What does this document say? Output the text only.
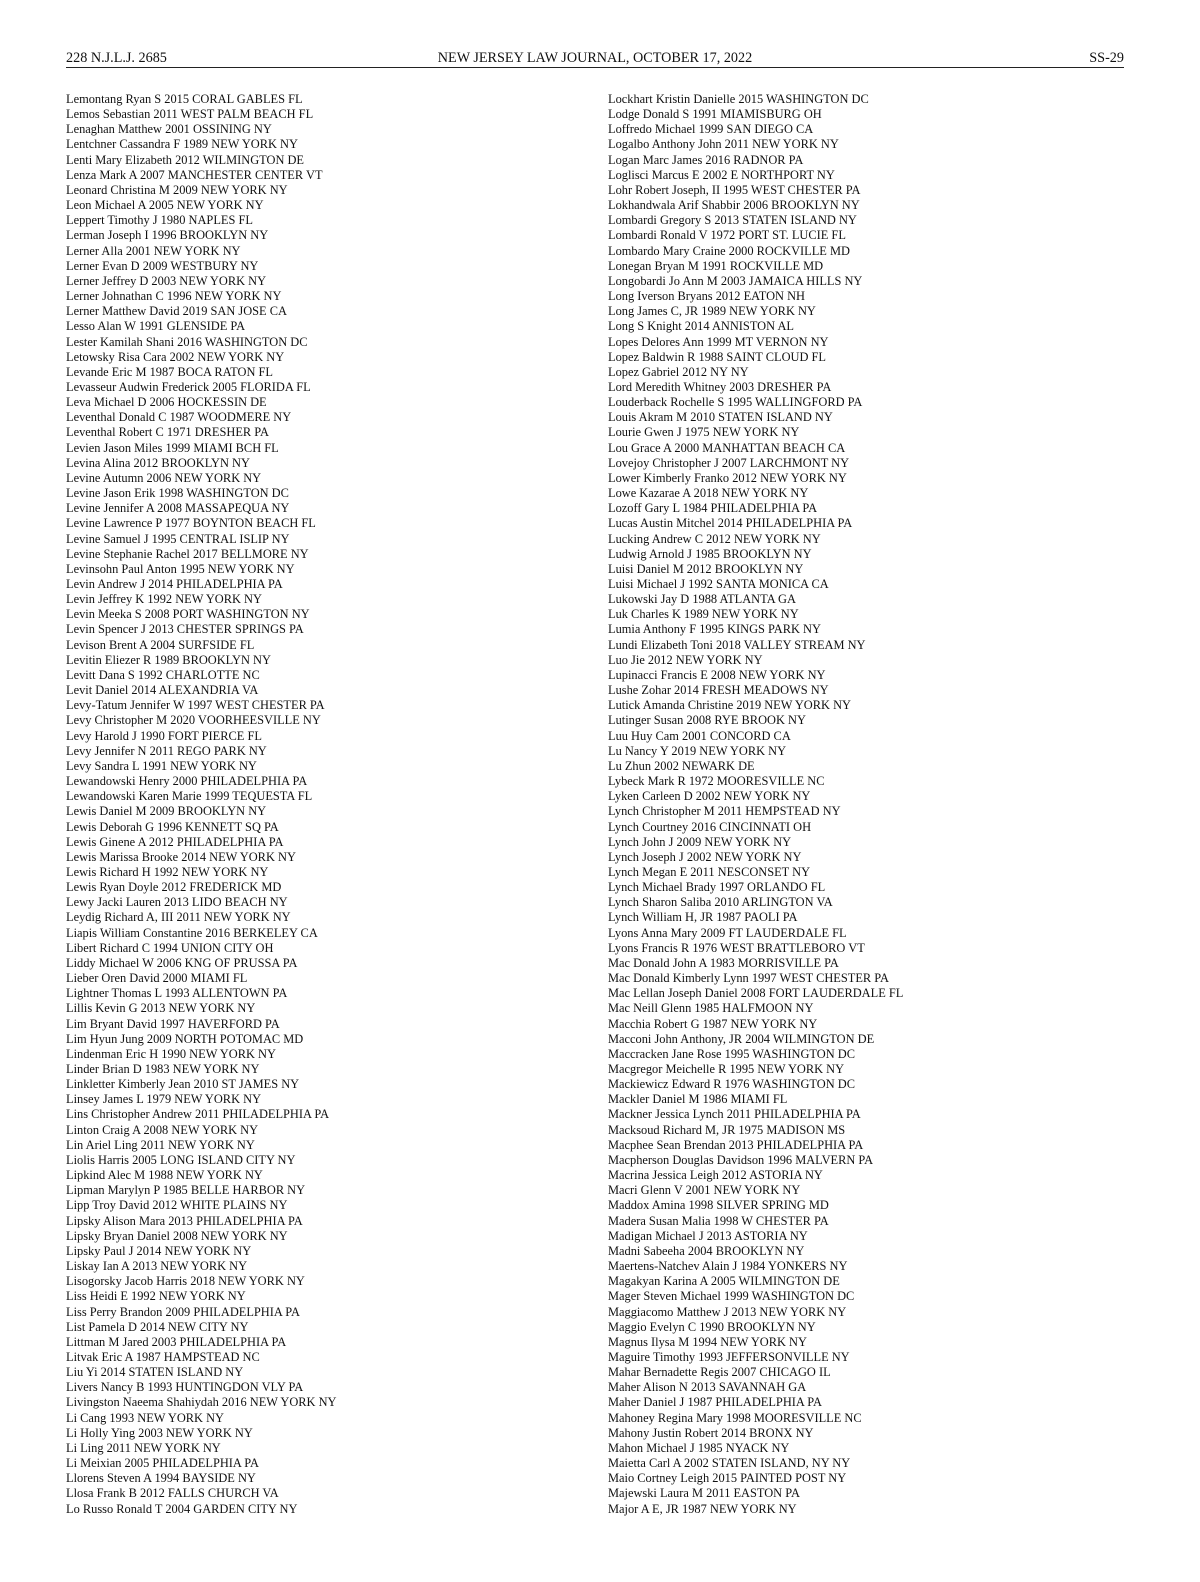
228 N.J.L.J. 2685	NEW JERSEY LAW JOURNAL, OCTOBER 17, 2022	SS-29
Lemontang Ryan S 2015 CORAL GABLES FL
Lemos Sebastian 2011 WEST PALM BEACH FL
Lenaghan Matthew 2001 OSSINING NY
Lentchner Cassandra F 1989 NEW YORK NY
Lenti Mary Elizabeth 2012 WILMINGTON DE
Lenza Mark A 2007 MANCHESTER CENTER VT
Leonard Christina M 2009 NEW YORK NY
Leon Michael A 2005 NEW YORK NY
Leppert Timothy J 1980 NAPLES FL
Lerman Joseph I 1996 BROOKLYN NY
Lerner Alla 2001 NEW YORK NY
Lerner Evan D 2009 WESTBURY NY
Lerner Jeffrey D 2003 NEW YORK NY
Lerner Johnathan C 1996 NEW YORK NY
Lerner Matthew David 2019 SAN JOSE CA
Lesso Alan W 1991 GLENSIDE PA
Lester Kamilah Shani 2016 WASHINGTON DC
Letowsky Risa Cara 2002 NEW YORK NY
Levande Eric M 1987 BOCA RATON FL
Levasseur Audwin Frederick 2005 FLORIDA FL
Leva Michael D 2006 HOCKESSIN DE
Leventhal Donald C 1987 WOODMERE NY
Leventhal Robert C 1971 DRESHER PA
Levien Jason Miles 1999 MIAMI BCH FL
Levina Alina 2012 BROOKLYN NY
Levine Autumn 2006 NEW YORK NY
Levine Jason Erik 1998 WASHINGTON DC
Levine Jennifer A 2008 MASSAPEQUA NY
Levine Lawrence P 1977 BOYNTON BEACH FL
Levine Samuel J 1995 CENTRAL ISLIP NY
Levine Stephanie Rachel 2017 BELLMORE NY
Levinsohn Paul Anton 1995 NEW YORK NY
Levin Andrew J 2014 PHILADELPHIA PA
Levin Jeffrey K 1992 NEW YORK NY
Levin Meeka S 2008 PORT WASHINGTON NY
Levin Spencer J 2013 CHESTER SPRINGS PA
Levison Brent A 2004 SURFSIDE FL
Levitin Eliezer R 1989 BROOKLYN NY
Levitt Dana S 1992 CHARLOTTE NC
Levit Daniel 2014 ALEXANDRIA VA
Levy-Tatum Jennifer W 1997 WEST CHESTER PA
Levy Christopher M 2020 VOORHEESVILLE NY
Levy Harold J 1990 FORT PIERCE FL
Levy Jennifer N 2011 REGO PARK NY
Levy Sandra L 1991 NEW YORK NY
Lewandowski Henry 2000 PHILADELPHIA PA
Lewandowski Karen Marie 1999 TEQUESTA FL
Lewis Daniel M 2009 BROOKLYN NY
Lewis Deborah G 1996 KENNETT SQ PA
Lewis Ginene A 2012 PHILADELPHIA PA
Lewis Marissa Brooke 2014 NEW YORK NY
Lewis Richard H 1992 NEW YORK NY
Lewis Ryan Doyle 2012 FREDERICK MD
Lewy Jacki Lauren 2013 LIDO BEACH NY
Leydig Richard A, III 2011 NEW YORK NY
Liapis William Constantine 2016 BERKELEY CA
Libert Richard C 1994 UNION CITY OH
Liddy Michael W 2006 KNG OF PRUSSA PA
Lieber Oren David 2000 MIAMI FL
Lightner Thomas L 1993 ALLENTOWN PA
Lillis Kevin G 2013 NEW YORK NY
Lim Bryant David 1997 HAVERFORD PA
Lim Hyun Jung 2009 NORTH POTOMAC MD
Lindenman Eric H 1990 NEW YORK NY
Linder Brian D 1983 NEW YORK NY
Linkletter Kimberly Jean 2010 ST JAMES NY
Linsey James L 1979 NEW YORK NY
Lins Christopher Andrew 2011 PHILADELPHIA PA
Linton Craig A 2008 NEW YORK NY
Lin Ariel Ling 2011 NEW YORK NY
Liolis Harris 2005 LONG ISLAND CITY NY
Lipkind Alec M 1988 NEW YORK NY
Lipman Marylyn P 1985 BELLE HARBOR NY
Lipp Troy David 2012 WHITE PLAINS NY
Lipsky Alison Mara 2013 PHILADELPHIA PA
Lipsky Bryan Daniel 2008 NEW YORK NY
Lipsky Paul J 2014 NEW YORK NY
Liskay Ian A 2013 NEW YORK NY
Lisogorsky Jacob Harris 2018 NEW YORK NY
Liss Heidi E 1992 NEW YORK NY
Liss Perry Brandon 2009 PHILADELPHIA PA
List Pamela D 2014 NEW CITY NY
Littman M Jared 2003 PHILADELPHIA PA
Litvak Eric A 1987 HAMPSTEAD NC
Liu Yi 2014 STATEN ISLAND NY
Livers Nancy B 1993 HUNTINGDON VLY PA
Livingston Naeema Shahiydah 2016 NEW YORK NY
Li Cang 1993 NEW YORK NY
Li Holly Ying 2003 NEW YORK NY
Li Ling 2011 NEW YORK NY
Li Meixian 2005 PHILADELPHIA PA
Llorens Steven A 1994 BAYSIDE NY
Llosa Frank B 2012 FALLS CHURCH VA
Lo Russo Ronald T 2004 GARDEN CITY NY
Lockhart Kristin Danielle 2015 WASHINGTON DC
Lodge Donald S 1991 MIAMISBURG OH
Loffredo Michael 1999 SAN DIEGO CA
Logalbo Anthony John 2011 NEW YORK NY
Logan Marc James 2016 RADNOR PA
Loglisci Marcus E 2002 E NORTHPORT NY
Lohr Robert Joseph, II 1995 WEST CHESTER PA
Lokhandwala Arif Shabbir 2006 BROOKLYN NY
Lombardi Gregory S 2013 STATEN ISLAND NY
Lombardi Ronald V 1972 PORT ST. LUCIE FL
Lombardo Mary Craine 2000 ROCKVILLE MD
Lonegan Bryan M 1991 ROCKVILLE MD
Longobardi Jo Ann M 2003 JAMAICA HILLS NY
Long Iverson Bryans 2012 EATON NH
Long James C, JR 1989 NEW YORK NY
Long S Knight 2014 ANNISTON AL
Lopes Delores Ann 1999 MT VERNON NY
Lopez Baldwin R 1988 SAINT CLOUD FL
Lopez Gabriel 2012 NY NY
Lord Meredith Whitney 2003 DRESHER PA
Louderback Rochelle S 1995 WALLINGFORD PA
Louis Akram M 2010 STATEN ISLAND NY
Lourie Gwen J 1975 NEW YORK NY
Lou Grace A 2000 MANHATTAN BEACH CA
Lovejoy Christopher J 2007 LARCHMONT NY
Lower Kimberly Franko 2012 NEW YORK NY
Lowe Kazarae A 2018 NEW YORK NY
Lozoff Gary L 1984 PHILADELPHIA PA
Lucas Austin Mitchel 2014 PHILADELPHIA PA
Lucking Andrew C 2012 NEW YORK NY
Ludwig Arnold J 1985 BROOKLYN NY
Luisi Daniel M 2012 BROOKLYN NY
Luisi Michael J 1992 SANTA MONICA CA
Lukowski Jay D 1988 ATLANTA GA
Luk Charles K 1989 NEW YORK NY
Lumia Anthony F 1995 KINGS PARK NY
Lundi Elizabeth Toni 2018 VALLEY STREAM NY
Luo Jie 2012 NEW YORK NY
Lupinacci Francis E 2008 NEW YORK NY
Lushe Zohar 2014 FRESH MEADOWS NY
Lutick Amanda Christine 2019 NEW YORK NY
Lutinger Susan 2008 RYE BROOK NY
Luu Huy Cam 2001 CONCORD CA
Lu Nancy Y 2019 NEW YORK NY
Lu Zhun 2002 NEWARK DE
Lybeck Mark R 1972 MOORESVILLE NC
Lyken Carleen D 2002 NEW YORK NY
Lynch Christopher M 2011 HEMPSTEAD NY
Lynch Courtney 2016 CINCINNATI OH
Lynch John J 2009 NEW YORK NY
Lynch Joseph J 2002 NEW YORK NY
Lynch Megan E 2011 NESCONSET NY
Lynch Michael Brady 1997 ORLANDO FL
Lynch Sharon Saliba 2010 ARLINGTON VA
Lynch William H, JR 1987 PAOLI PA
Lyons Anna Mary 2009 FT LAUDERDALE FL
Lyons Francis R 1976 WEST BRATTLEBORO VT
Mac Donald John A 1983 MORRISVILLE PA
Mac Donald Kimberly Lynn 1997 WEST CHESTER PA
Mac Lellan Joseph Daniel 2008 FORT LAUDERDALE FL
Mac Neill Glenn 1985 HALFMOON NY
Macchia Robert G 1987 NEW YORK NY
Macconi John Anthony, JR 2004 WILMINGTON DE
Maccracken Jane Rose 1995 WASHINGTON DC
Macgregor Meichelle R 1995 NEW YORK NY
Mackiewicz Edward R 1976 WASHINGTON DC
Mackler Daniel M 1986 MIAMI FL
Mackner Jessica Lynch 2011 PHILADELPHIA PA
Macksoud Richard M, JR 1975 MADISON MS
Macphee Sean Brendan 2013 PHILADELPHIA PA
Macpherson Douglas Davidson 1996 MALVERN PA
Macrina Jessica Leigh 2012 ASTORIA NY
Macri Glenn V 2001 NEW YORK NY
Maddox Amina 1998 SILVER SPRING MD
Madera Susan Malia 1998 W CHESTER PA
Madigan Michael J 2013 ASTORIA NY
Madni Sabeeha 2004 BROOKLYN NY
Maertens-Natchev Alain J 1984 YONKERS NY
Magakyan Karina A 2005 WILMINGTON DE
Mager Steven Michael 1999 WASHINGTON DC
Maggiacomo Matthew J 2013 NEW YORK NY
Maggio Evelyn C 1990 BROOKLYN NY
Magnus Ilysa M 1994 NEW YORK NY
Maguire Timothy 1993 JEFFERSONVILLE NY
Mahar Bernadette Regis 2007 CHICAGO IL
Maher Alison N 2013 SAVANNAH GA
Maher Daniel J 1987 PHILADELPHIA PA
Mahoney Regina Mary 1998 MOORESVILLE NC
Mahony Justin Robert 2014 BRONX NY
Mahon Michael J 1985 NYACK NY
Maietta Carl A 2002 STATEN ISLAND, NY NY
Maio Cortney Leigh 2015 PAINTED POST NY
Majewski Laura M 2011 EASTON PA
Major A E, JR 1987 NEW YORK NY
